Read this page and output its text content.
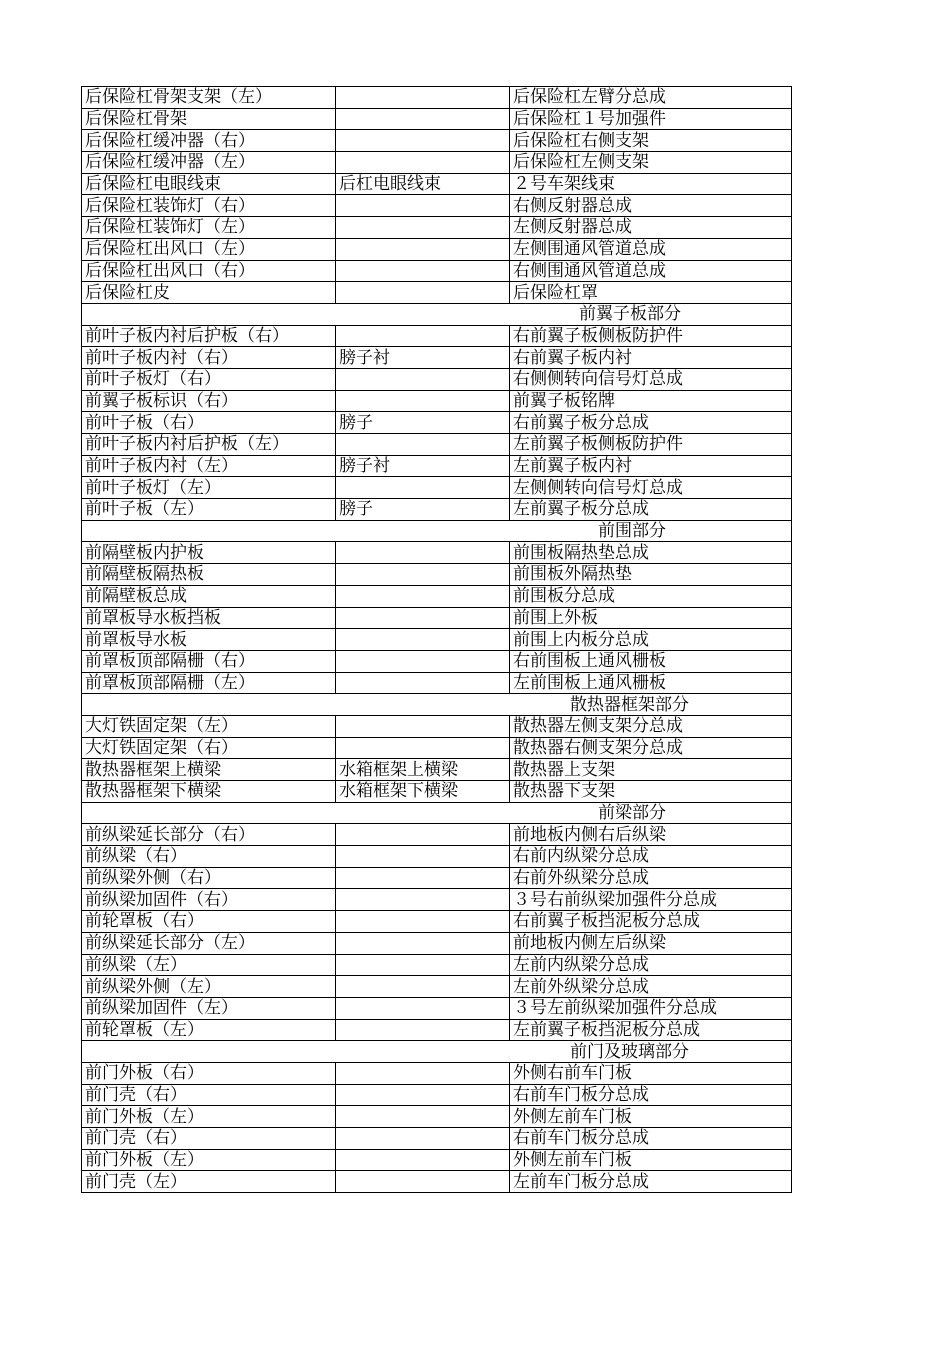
后保险杠骨架支架（左）		后保险杠左臂分总成
后保险杠骨架		后保险杠１号加强件
后保险杠缓冲器（右）		后保险杠右侧支架
后保险杠缓冲器（左）		后保险杠左侧支架
后保险杠电眼线束	后杠电眼线束	２号车架线束
后保险杠装饰灯（右）		右侧反射器总成
后保险杠装饰灯（左）		左侧反射器总成
后保险杠出风口（左）		左侧围通风管道总成
后保险杠出风口（右）		右侧围通风管道总成
后保险杠皮		后保险杠罩
前翼子板部分		
前叶子板内衬后护板（右）		右前翼子板侧板防护件
前叶子板内衬（右）	膀子衬	右前翼子板内衬
前叶子板灯（右）		右侧侧转向信号灯总成
前翼子板标识（右）		前翼子板铭牌
前叶子板（右）	膀子	右前翼子板分总成
前叶子板内衬后护板（左）		左前翼子板侧板防护件
前叶子板内衬（左）	膀子衬	左前翼子板内衬
前叶子板灯（左）		左侧侧转向信号灯总成
前叶子板（左）	膀子	左前翼子板分总成
前围部分		
前隔壁板内护板		前围板隔热垫总成
前隔壁板隔热板		前围板外隔热垫
前隔壁板总成		前围板分总成
前罩板导水板挡板		前围上外板
前罩板导水板		前围上内板分总成
前罩板顶部隔栅（右）		右前围板上通风栅板
前罩板顶部隔栅（左）		左前围板上通风栅板
散热器框架部分		
大灯铁固定架（左）		散热器左侧支架分总成
大灯铁固定架（右）		散热器右侧支架分总成
散热器框架上横梁	水箱框架上横梁	散热器上支架
散热器框架下横梁	水箱框架下横梁	散热器下支架
前梁部分		
前纵梁延长部分（右）		前地板内侧右后纵梁
前纵梁（右）		右前内纵梁分总成
前纵梁外侧（右）		右前外纵梁分总成
前纵梁加固件（右）		３号右前纵梁加强件分总成
前轮罩板（右）		右前翼子板挡泥板分总成
前纵梁延长部分（左）		前地板内侧左后纵梁
前纵梁（左）		左前内纵梁分总成
前纵梁外侧（左）		左前外纵梁分总成
前纵梁加固件（左）		３号左前纵梁加强件分总成
前轮罩板（左）		左前翼子板挡泥板分总成
前门及玻璃部分		
前门外板（右）		外侧右前车门板
前门壳（右）		右前车门板分总成
前门外板（左）		外侧左前车门板
前门壳（右）		右前车门板分总成
前门外板（左）		外侧左前车门板
前门壳（左）		左前车门板分总成
